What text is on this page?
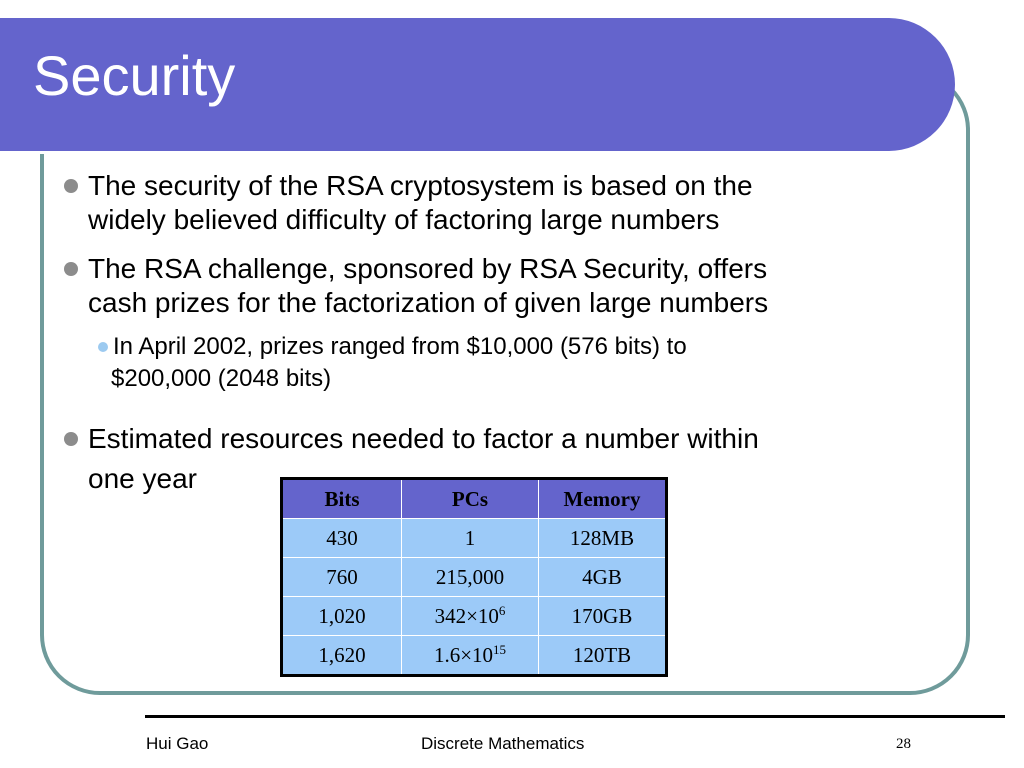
Security
The security of the RSA cryptosystem is based on the
widely believed difficulty of factoring large numbers
The RSA challenge, sponsored by RSA Security, offers
cash prizes for the factorization of given large numbers
In April 2002, prizes ranged from $10,000 (576 bits) to
$200,000 (2048 bits)
Estimated resources needed to factor a number within
one year
Bits	PCs	Memory
430	1	128MB
760	215,000	4GB
1,020	$342\times 10^6$	170GB
1,620	$1.6\times 10^{15}$	120TB
Hui Gao	Discrete Mathematics	28
